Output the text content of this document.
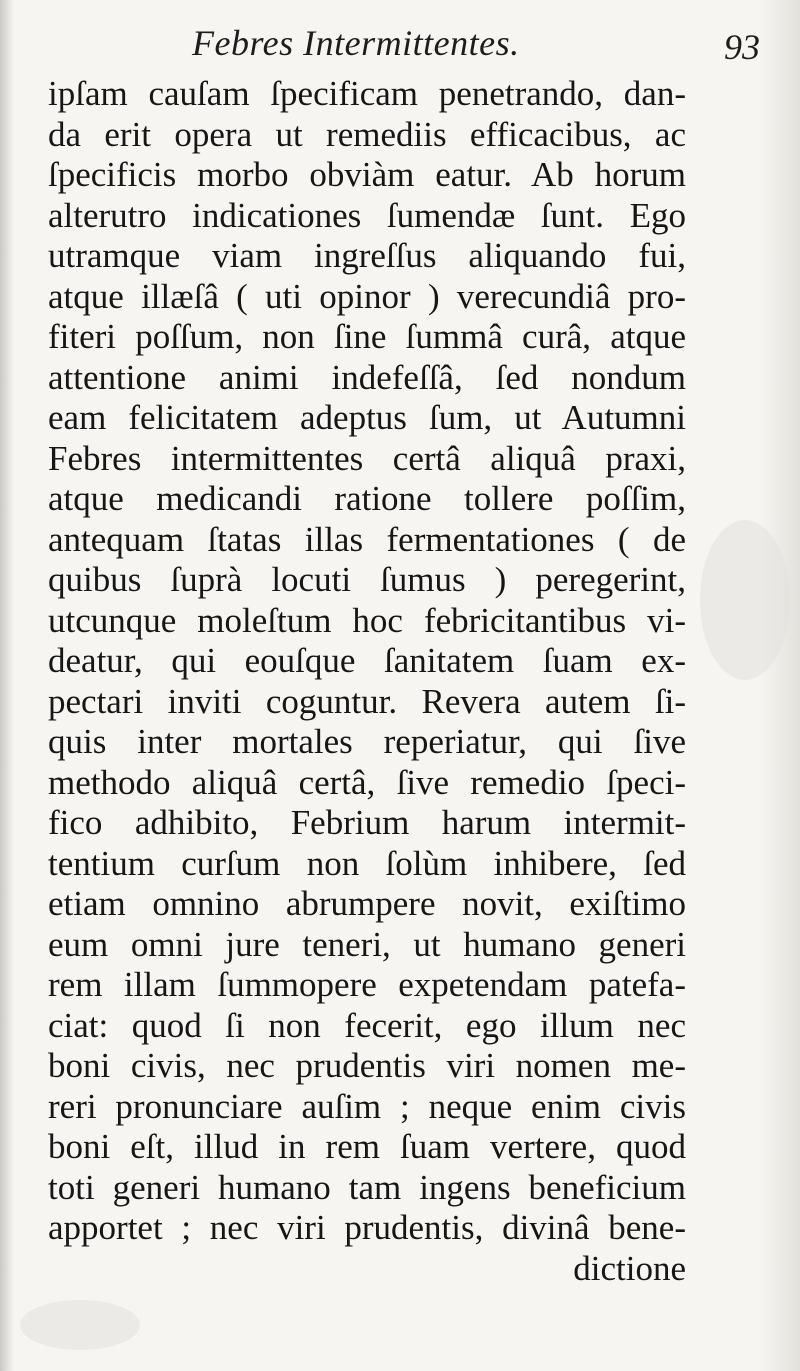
Febres Intermittentes.	93
ipſam cauſam ſpecificam penetrando, dan-
da erit opera ut remediis efficacibus, ac
ſpecificis morbo obviàm eatur. Ab horum
alterutro indicationes ſumendæ ſunt. Ego
utramque viam ingreſſus aliquando fui,
atque illæſâ ( uti opinor ) verecundiâ pro-
fiteri poſſum, non ſine ſummâ curâ, atque
attentione animi indefeſſâ, ſed nondum
eam felicitatem adeptus ſum, ut Autumni
Febres intermittentes certâ aliquâ praxi,
atque medicandi ratione tollere poſſim,
antequam ſtatas illas fermentationes ( de
quibus ſuprà locuti ſumus ) peregerint,
utcunque moleſtum hoc febricitantibus vi-
deatur, qui eouſque ſanitatem ſuam ex-
pectari inviti coguntur. Revera autem ſi-
quis inter mortales reperiatur, qui ſive
methodo aliquâ certâ, ſive remedio ſpeci-
fico adhibito, Febrium harum intermit-
tentium curſum non ſolùm inhibere, ſed
etiam omnino abrumpere novit, exiſtimo
eum omni jure teneri, ut humano generi
rem illam ſummopere expetendam patefa-
ciat: quod ſi non fecerit, ego illum nec
boni civis, nec prudentis viri nomen me-
reri pronunciare auſim ; neque enim civis
boni eſt, illud in rem ſuam vertere, quod
toti generi humano tam ingens beneficium
apportet ; nec viri prudentis, divinâ bene-
dictione
